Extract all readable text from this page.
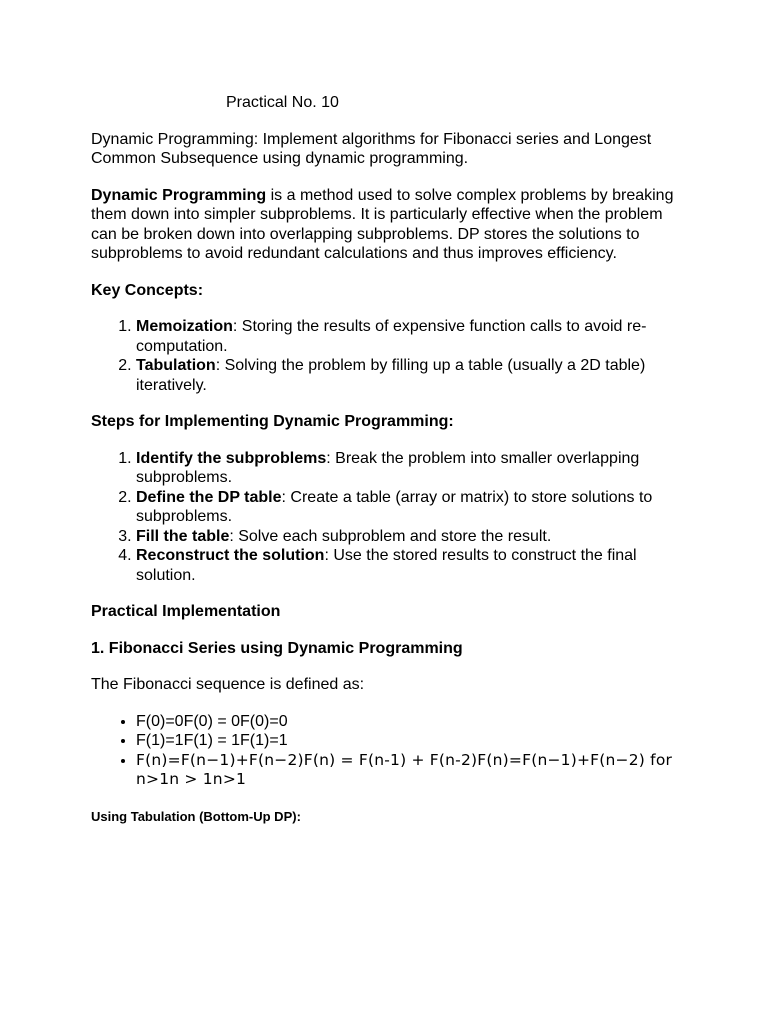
Practical No. 10

Dynamic Programming: Implement algorithms for Fibonacci series and Longest Common Subsequence using dynamic programming.

Dynamic Programming is a method used to solve complex problems by breaking them down into simpler subproblems. It is particularly effective when the problem can be broken down into overlapping subproblems. DP stores the solutions to subproblems to avoid redundant calculations and thus improves efficiency.

Key Concepts:
1. Memoization: Storing the results of expensive function calls to avoid re-computation.
2. Tabulation: Solving the problem by filling up a table (usually a 2D table) iteratively.
Steps for Implementing Dynamic Programming:
1. Identify the subproblems: Break the problem into smaller overlapping subproblems.
2. Define the DP table: Create a table (array or matrix) to store solutions to subproblems.
3. Fill the table: Solve each subproblem and store the result.
4. Reconstruct the solution: Use the stored results to construct the final solution.
Practical Implementation
1. Fibonacci Series using Dynamic Programming

The Fibonacci sequence is defined as:

• F(0)=0F(0) = 0F(0)=0
• F(1)=1F(1) = 1F(1)=1
• F(n)=F(n−1)+F(n−2)F(n) = F(n-1) + F(n-2)F(n)=F(n−1)+F(n−2) for n>1n > 1n>1
Using Tabulation (Bottom-Up DP):
